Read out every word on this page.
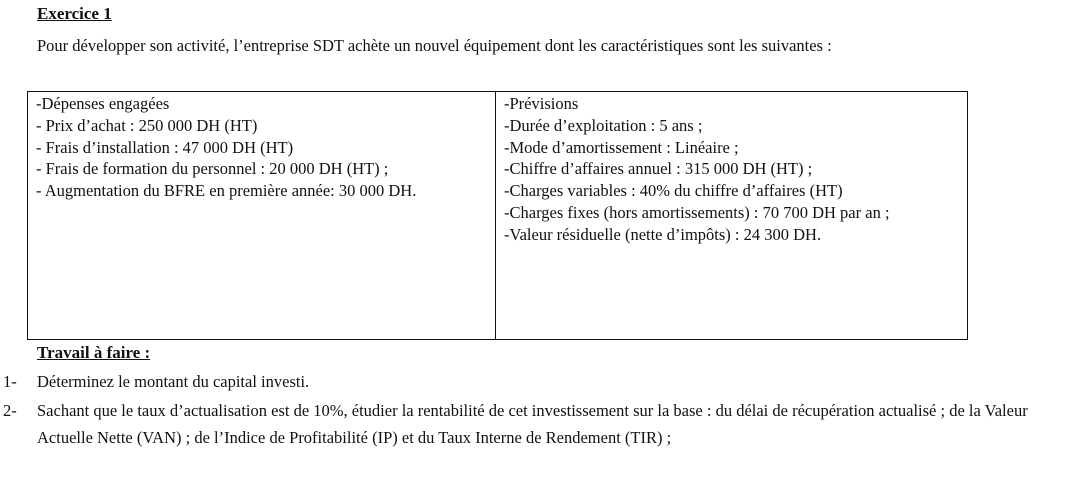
Exercice 1
Pour développer son activité, l’entreprise SDT achète un nouvel équipement dont les caractéristiques sont les suivantes :
-Dépenses engagées
- Prix d’achat : 250 000 DH (HT)
- Frais d’installation : 47 000 DH (HT)
- Frais de formation du personnel : 20 000 DH (HT) ;
- Augmentation du BFRE en première année: 30 000 DH.

-Prévisions
-Durée d’exploitation : 5 ans ;
-Mode d’amortissement : Linéaire ;
-Chiffre d’affaires annuel : 315 000 DH (HT) ;
-Charges variables : 40% du chiffre d’affaires (HT)
-Charges fixes (hors amortissements) : 70 700 DH par an ;
-Valeur résiduelle (nette d’impôts) : 24 300 DH.
Travail à faire :
1- Déterminez le montant du capital investi.
2- Sachant que le taux d’actualisation est de 10%, étudier la rentabilité de cet investissement sur la base : du délai de récupération actualisé ; de la Valeur Actuelle Nette (VAN) ; de l’Indice de Profitabilité (IP) et du Taux Interne de Rendement (TIR) ;
